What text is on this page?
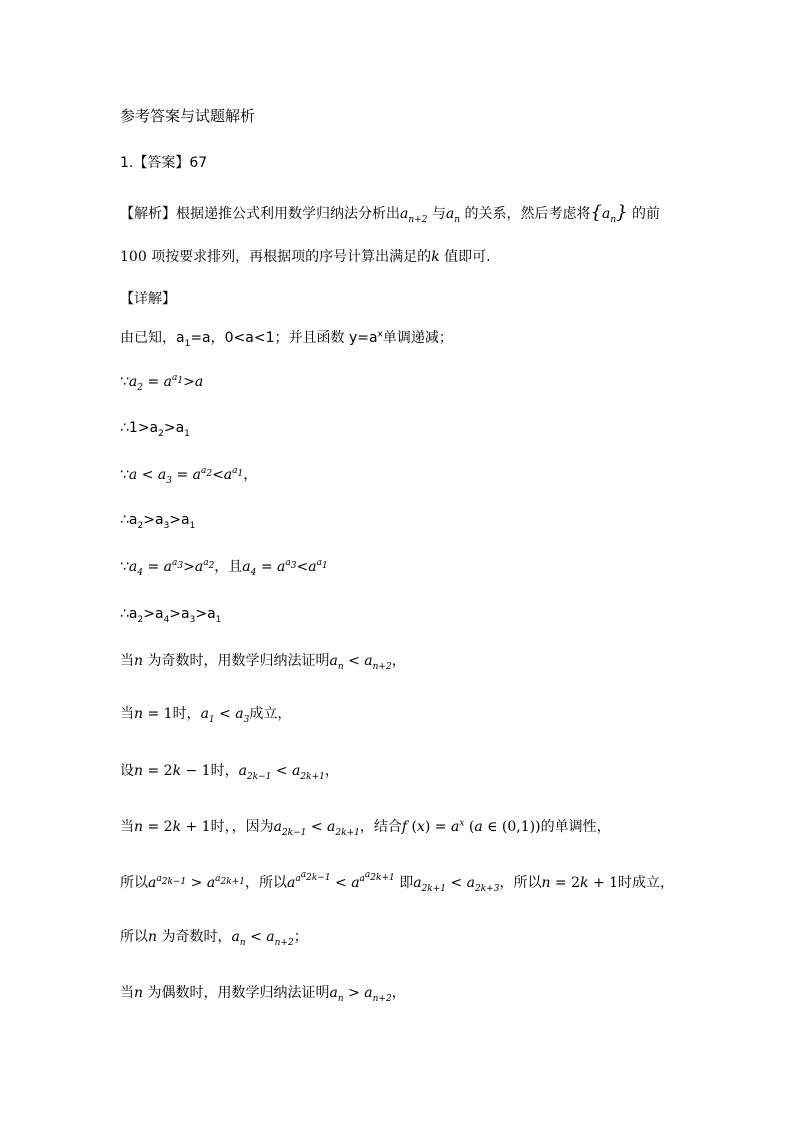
参考答案与试题解析
1.【答案】67
【解析】根据递推公式利用数学归纳法分析出$a_{n+2}$ 与$a_n$ 的关系，然后考虑将$\{a_n\}$ 的前
100 项按要求排列，再根据项的序号计算出满足的k 值即可.
【详解】
由已知，$a_1=a$，0<a<1；并且函数 $y=a^x$单调递减；
$\because a_2 = a^{a_1}>a$
$\therefore 1>a_2>a_1$
∵a < $a_3 = a^{a_2}<a^{a_1}$，
$\therefore a_2>a_3>a_1$
$\because a_4 = a^{a_3}>a^{a_2}$，且$a_4 = a^{a_3}<a^{a_1}$
$\therefore a_2>a_4>a_3>a_1$
当n 为奇数时，用数学归纳法证明$a_n < a_{n+2}$，
当n = 1时，$a_1 < a_3$成立，
设n = 2k − 1时，$a_{2k-1} < a_{2k+1}$，
当n = 2k + 1时，，因为$a_{2k-1} < a_{2k+1}$，结合f $(x) = a^x$ (a ∈ (0,1))的单调性，
所以$a^{a_{2k-1}} > a^{a_{2k+1}}$，所以$a^{a^{a_{2k-1}}} < a^{a^{a_{2k+1}}}$ 即$a_{2k+1} < a_{2k+3}$，所以n = 2k + 1时成立，
所以n 为奇数时，$a_n < a_{n+2}$；
当n 为偶数时，用数学归纳法证明$a_n > a_{n+2}$，
